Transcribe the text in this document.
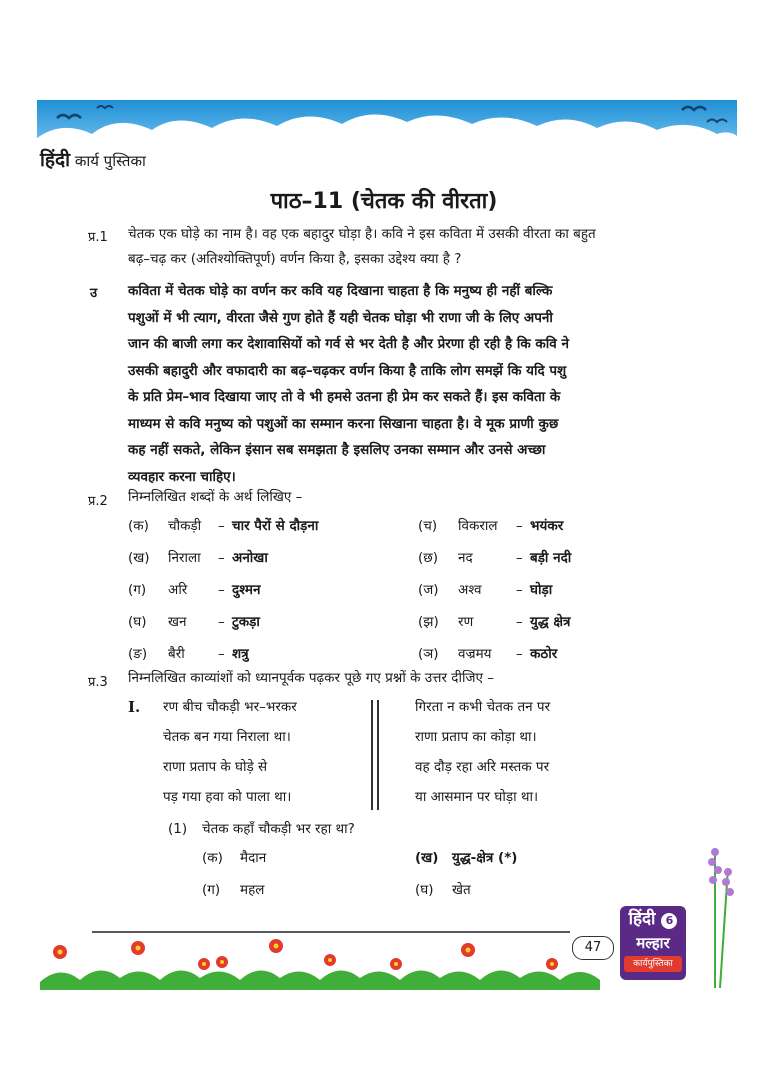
हिंदी कार्य पुस्तिका
पाठ–11 (चेतक की वीरता)
प्र.1 चेतक एक घोड़े का नाम है। वह एक बहादुर घोड़ा है। कवि ने इस कविता में उसकी वीरता का बहुत
बढ़–चढ़ कर (अतिश्योक्तिपूर्ण) वर्णन किया है, इसका उद्देश्य क्या है ?
उ कविता में चेतक घोड़े का वर्णन कर कवि यह दिखाना चाहता है कि मनुष्य ही नहीं बल्कि
पशुओं में भी त्याग, वीरता जैसे गुण होते हैं यही चेतक घोड़ा भी राणा जी के लिए अपनी
जान की बाजी लगा कर देशावासियों को गर्व से भर देती है और प्रेरणा ही रही है कि कवि ने
उसकी बहादुरी और वफादारी का बढ़–चढ़कर वर्णन किया है ताकि लोग समझें कि यदि पशु
के प्रति प्रेम–भाव दिखाया जाए तो वे भी हमसे उतना ही प्रेम कर सकते हैं। इस कविता के
माध्यम से कवि मनुष्य को पशुओं का सम्मान करना सिखाना चाहता है। वे मूक प्राणी कुछ
कह नहीं सकते, लेकिन इंसान सब समझता है इसलिए उनका सम्मान और उनसे अच्छा
व्यवहार करना चाहिए।
प्र.2 निम्नलिखित शब्दों के अर्थ लिखिए –
(क) चौकड़ी – चार पैरों से दौड़ना	(च) विकराल – भयंकर
(ख) निराला – अनोखा	(छ) नद	– बड़ी नदी
(ग) अरि – दुश्मन	(ज) अश्व	– घोड़ा
(घ) खन – टुकड़ा	(झ) रण	– युद्ध क्षेत्र
(ङ) बैरी – शत्रु	(ञ) वज्रमय – कठोर
प्र.3 निम्नलिखित काव्यांशों को ध्यानपूर्वक पढ़कर पूछे गए प्रश्नों के उत्तर दीजिए –
I. रण बीच चौकड़ी भर–भरकर
चेतक बन गया निराला था।
राणा प्रताप के घोड़े से
पड़ गया हवा को पाला था।
गिरता न कभी चेतक तन पर
राणा प्रताप का कोड़ा था।
वह दौड़ रहा अरि मस्तक पर
या आसमान पर घोड़ा था।
(1) चेतक कहाँ चौकड़ी भर रहा था?
(क) मैदान	(ख) युद्ध-क्षेत्र (*)
(ग) महल	(घ) खेत
47
हिंदी 6
मल्हार
कार्यपुस्तिका
